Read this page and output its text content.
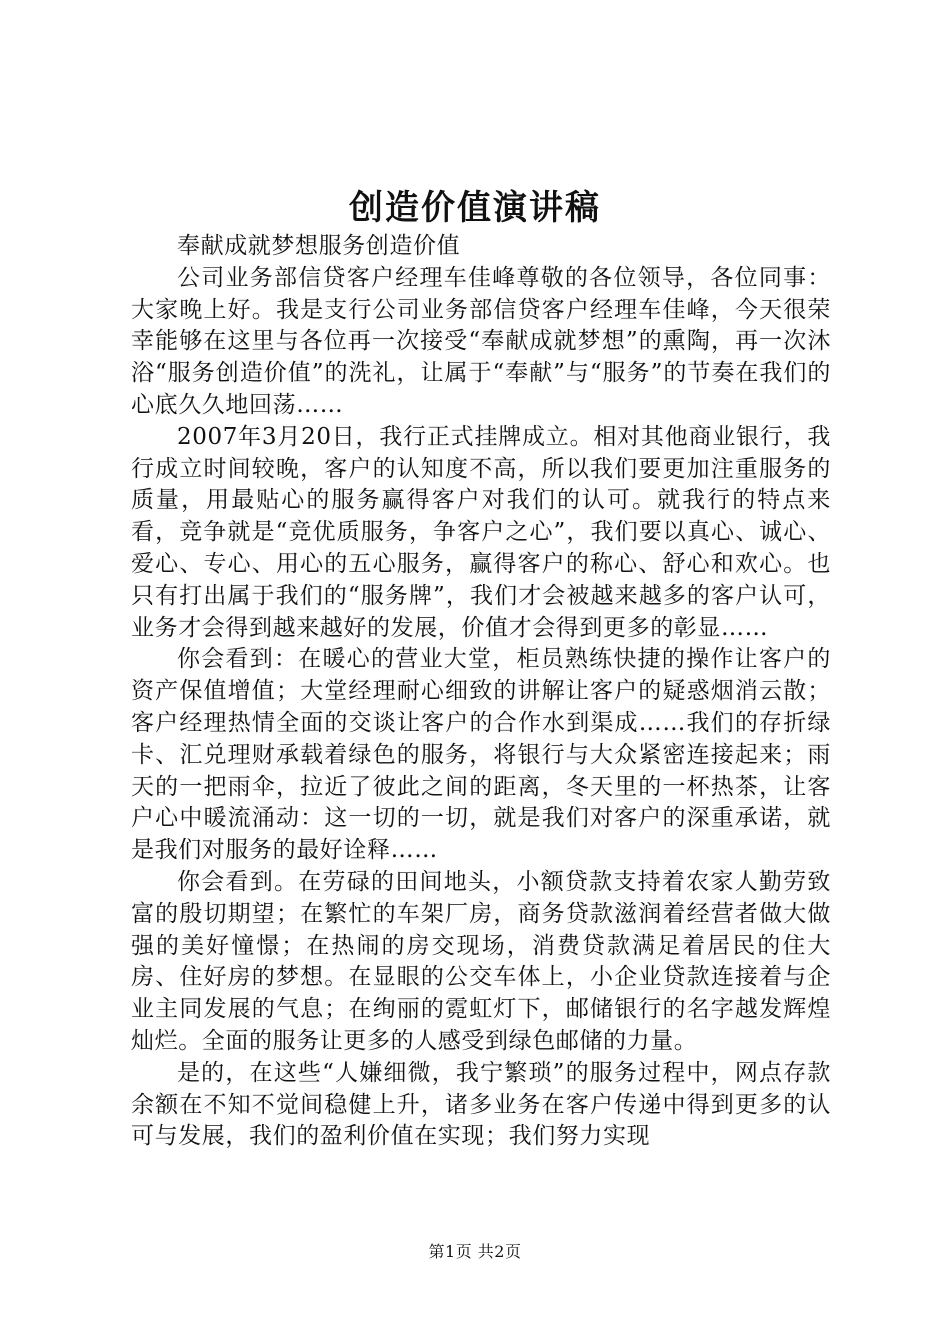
创造价值演讲稿

奉献成就梦想服务创造价值

公司业务部信贷客户经理车佳峰尊敬的各位领导，各位同事：大家晚上好。我是支行公司业务部信贷客户经理车佳峰，今天很荣幸能够在这里与各位再一次接受“奉献成就梦想”的熏陶，再一次沐浴“服务创造价值”的洗礼，让属于“奉献”与“服务”的节奏在我们的心底久久地回荡……

2007年3月20日，我行正式挂牌成立。相对其他商业银行，我行成立时间较晚，客户的认知度不高，所以我们要更加注重服务的质量，用最贴心的服务赢得客户对我们的认可。就我行的特点来看，竞争就是“竞优质服务，争客户之心”，我们要以真心、诚心、爱心、专心、用心的五心服务，赢得客户的称心、舒心和欢心。也只有打出属于我们的“服务牌”，我们才会被越来越多的客户认可，业务才会得到越来越好的发展，价值才会得到更多的彰显……

你会看到：在暖心的营业大堂，柜员熟练快捷的操作让客户的资产保值增值；大堂经理耐心细致的讲解让客户的疑惑烟消云散；客户经理热情全面的交谈让客户的合作水到渠成……我们的存折绿卡、汇兑理财承载着绿色的服务，将银行与大众紧密连接起来；雨天的一把雨伞，拉近了彼此之间的距离，冬天里的一杯热茶，让客户心中暖流涌动：这一切的一切，就是我们对客户的深重承诺，就是我们对服务的最好诠释……

你会看到。在劳碌的田间地头，小额贷款支持着农家人勤劳致富的殷切期望；在繁忙的车架厂房，商务贷款滋润着经营者做大做强的美好憧憬；在热闹的房交现场，消费贷款满足着居民的住大房、住好房的梦想。在显眼的公交车体上，小企业贷款连接着与企业主同发展的气息；在绚丽的霓虹灯下，邮储银行的名字越发辉煌灿烂。全面的服务让更多的人感受到绿色邮储的力量。

是的，在这些“人嫌细微，我宁繁琐”的服务过程中，网点存款余额在不知不觉间稳健上升，诸多业务在客户传递中得到更多的认可与发展，我们的盈利价值在实现；我们努力实现

第1页 共2页
